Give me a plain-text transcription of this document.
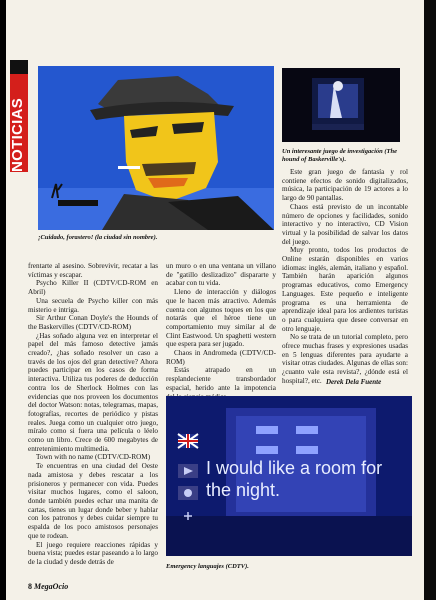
NOTICIAS
¡Cuidado, forastero! (la ciudad sin nombre).
Un interesante juego de investigación (The hound of Baskerville's).

Este gran juego de fantasía y rol contiene efectos de sonido digitalizados, música, la participación de 19 actores a lo largo de 90 pantallas.

Chaos está previsto de un incontable número de opciones y facilidades, sonido interactivo y no interactivo, CD Vision virtual y la posibilidad de salvar los datos del juego.

Muy pronto, todos los productos de Online estarán disponibles en varios idiomas: inglés, alemán, italiano y español. También harán aparición algunos programas educativos, como Emergency Languages. Este pequeño e inteligente programa es una herramienta de aprendizaje ideal para los ardientes turistas o para cualquiera que desee conversar en otro lenguaje.

No se trata de un tutorial completo, pero ofrece muchas frases y expresiones usadas en 5 lenguas diferentes para ayudarte a visitar otras ciudades. Algunas de ellas son: ¿cuanto vale esta revista?, ¿dónde está el hospital?, etc. Derek Dela Fuente

frentarte al asesino. Sobrevivir, recatar a las víctimas y escapar.

Psycho Killer II (CDTV/CD-ROM en Abril)

Una secuela de Psycho killer con más misterio e intriga.

Sir Arthur Conan Doyle's the Hounds of the Baskervilles (CDTV/CD-ROM)

¿Has soñado alguna vez en interpretar el papel del más famoso detective jamás creado?, ¿has soñado resolver un caso a través de los ojos del gran detective? Ahora puedes participar en los casos de forma interactiva. Utiliza tus poderes de deducción contra los de Sherlock Holmes con las evidencias que nos proveen los documentos del doctor Watson: notas, telegramas, mapas, fotografías, recortes de periódico y pistas reales. Juega como un cualquier otro juego, míralo como si fuera una película o léelo como un libro. Crece de 600 megabytes de entretenimiento multimedia.

Town with no name (CDTV/CD-ROM)

Te encuentras en una ciudad del Oeste nada amistosa y debes rescatar a los prisioneros y permanecer con vida. Puedes visitar muchos lugares, como el saloon, donde también puedes echar una manita de cartas, tienes un lugar donde beber y hablar con los patronos y debes cuidar siempre tu espalda de los poco amistosos personajes que te rodean.

El juego requiere reacciones rápidas y buena vista; puedes estar paseando a lo largo de la ciudad y desde detrás de

un muro o en una ventana un villano de "gatillo deslizadizo" dispararte y acabar con tu vida.

Lleno de interacción y diálogos que le hacen más atractivo. Además cuenta con algunos toques en los que notarás que el héroe tiene un comportamiento muy similar al de Clint Eastwood. Un spaghetti western que espera para ser jugado.

Chaos in Andromeda (CDTV/CD-ROM)

Estás atrapado en un resplandeciente transbordador espacial, herido ante la impotencia

I would like a room for
the night.
Emergency languajes (CDTV).
8 MegaOcio
